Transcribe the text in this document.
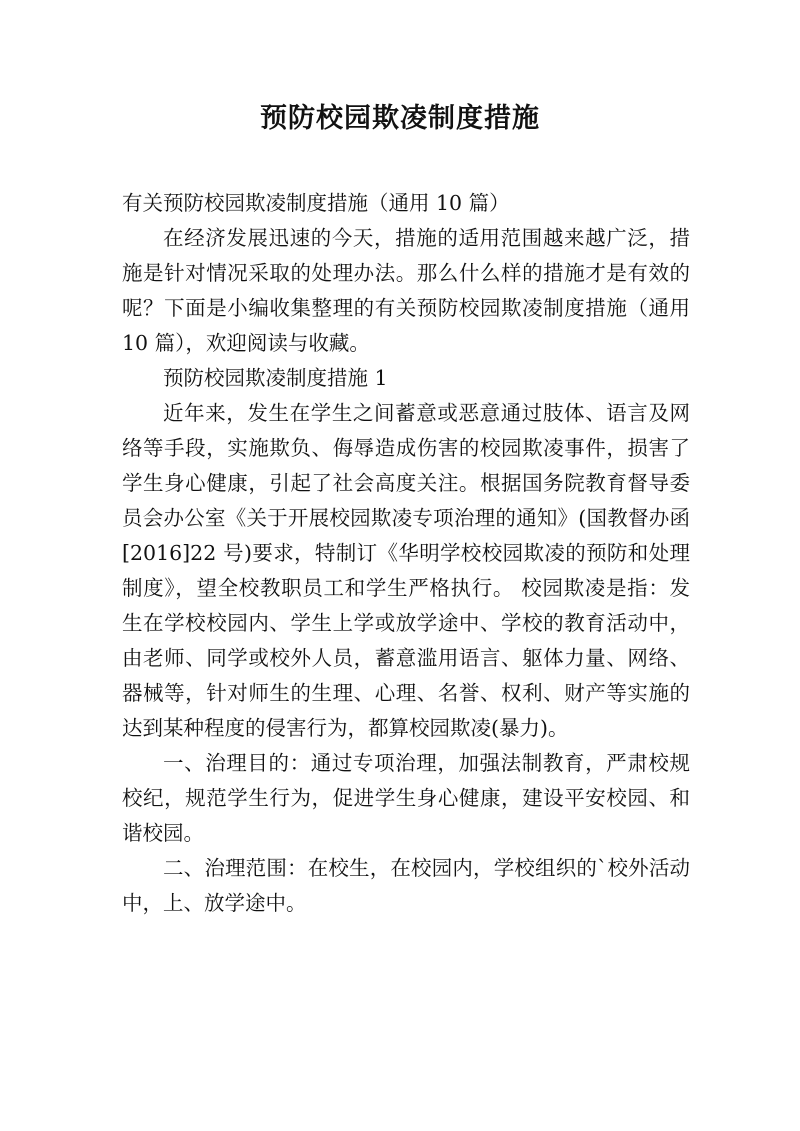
预防校园欺凌制度措施

有关预防校园欺凌制度措施（通用 10 篇）

在经济发展迅速的今天，措施的适用范围越来越广泛，措施是针对情况采取的处理办法。那么什么样的措施才是有效的呢？下面是小编收集整理的有关预防校园欺凌制度措施（通用 10 篇），欢迎阅读与收藏。

预防校园欺凌制度措施 1

近年来，发生在学生之间蓄意或恶意通过肢体、语言及网络等手段，实施欺负、侮辱造成伤害的校园欺凌事件，损害了学生身心健康，引起了社会高度关注。根据国务院教育督导委员会办公室《关于开展校园欺凌专项治理的通知》(国教督办函[2016]22 号)要求，特制订《华明学校校园欺凌的预防和处理制度》，望全校教职员工和学生严格执行。 校园欺凌是指：发生在学校校园内、学生上学或放学途中、学校的教育活动中，由老师、同学或校外人员，蓄意滥用语言、躯体力量、网络、器械等，针对师生的生理、心理、名誉、权利、财产等实施的达到某种程度的侵害行为，都算校园欺凌(暴力)。

一、治理目的：通过专项治理，加强法制教育，严肃校规校纪，规范学生行为，促进学生身心健康，建设平安校园、和谐校园。

二、治理范围：在校生，在校园内，学校组织的`校外活动中，上、放学途中。
